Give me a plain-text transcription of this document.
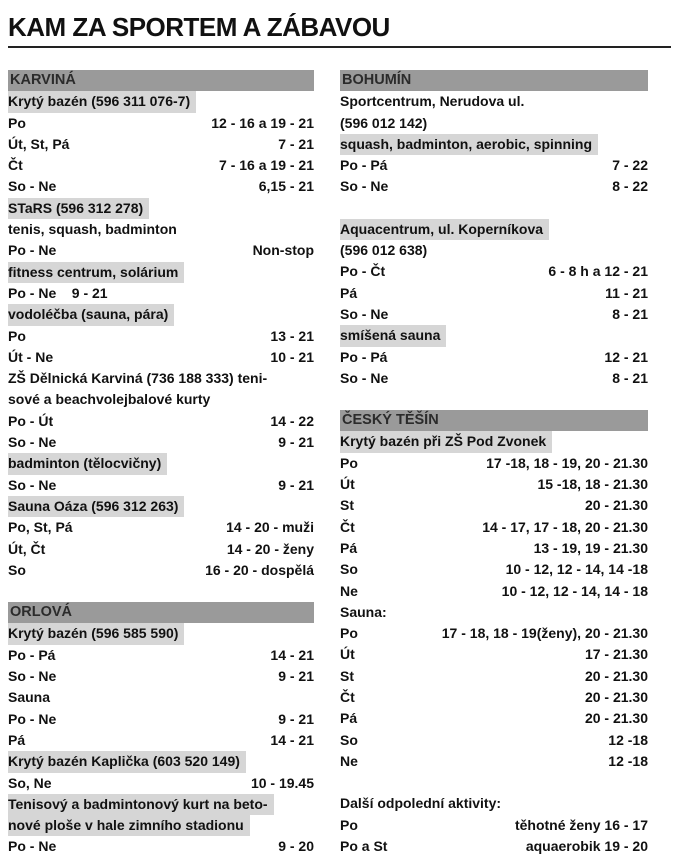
KAM ZA SPORTEM A ZÁBAVOU
KARVINÁ
Krytý bazén (596 311 076-7)
Po	12 - 16 a 19 - 21
Út, St, Pá	7 - 21
Čt	7 - 16 a 19 - 21
So - Ne	6,15 - 21
STaRS (596 312 278)
tenis, squash, badminton
Po - Ne	Non-stop
fitness centrum, solárium
Po - Ne    9 - 21
vodoléčba (sauna, pára)
Po	13 - 21
Út - Ne	10 - 21
ZŠ Dělnická Karviná (736 188 333) teni-
sové a beachvolejbalové kurty
Po - Út	14 - 22
So - Ne	9 - 21
badminton (tělocvičny)
So - Ne	9 - 21
Sauna Oáza (596 312 263)
Po, St, Pá	14 - 20 - muži
Út, Čt	14 - 20 - ženy
So	16 - 20 - dospělá
ORLOVÁ
Krytý bazén (596 585 590)
Po - Pá	14 - 21
So - Ne	9 - 21
Sauna
Po - Ne	9 - 21
Pá	14 - 21
Krytý bazén Kaplička (603 520 149)
So, Ne	10 - 19.45
Tenisový a badmintonový kurt na beto-
nové ploše v hale zimního stadionu
Po - Ne	9 - 20
BOHUMÍN
Sportcentrum, Nerudova ul.
(596 012 142)
squash, badminton, aerobic, spinning
Po - Pá	7 - 22
So - Ne	8 - 22
Aquacentrum, ul. Koperníkova
(596 012 638)
Po - Čt	6 - 8 h a 12 - 21
Pá	11 - 21
So - Ne	8 - 21
smíšená sauna
Po - Pá	12 - 21
So - Ne	8 - 21
ČESKÝ TĚŠÍN
Krytý bazén při ZŠ Pod Zvonek
Po	17 -18, 18 - 19, 20 - 21.30
Út	15 -18, 18 - 21.30
St	20 - 21.30
Čt	14 - 17, 17 - 18, 20 - 21.30
Pá	13 - 19, 19 - 21.30
So	10 - 12, 12 - 14, 14 -18
Ne	10 - 12, 12 - 14, 14 - 18
Sauna:
Po	17 - 18, 18 - 19(ženy), 20 - 21.30
Út	17 - 21.30
St	20 - 21.30
Čt	20 - 21.30
Pá	20 - 21.30
So	12 -18
Ne	12 -18
Další odpolední aktivity:
Po	těhotné ženy 16 - 17
Po a St	aquaerobik 19 - 20
